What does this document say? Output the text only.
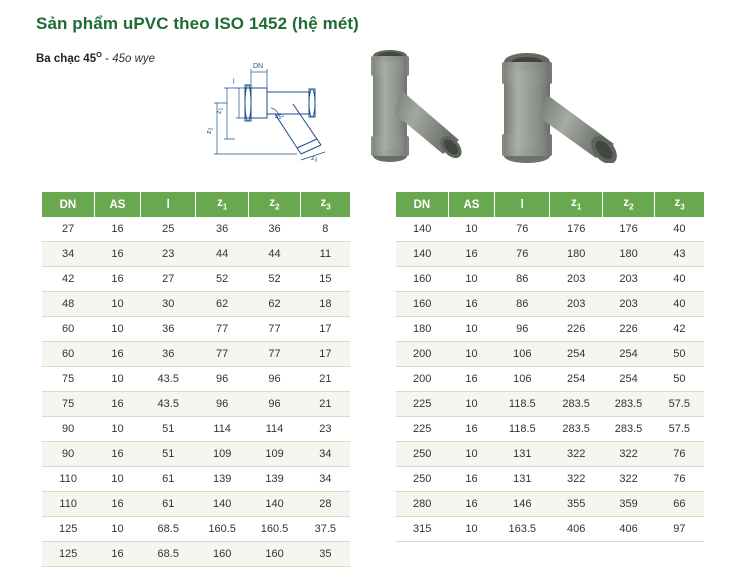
Sản phẩm uPVC theo ISO 1452 (hệ mét)
Ba chạc $45^O - 45o$ wye
DN
l
$z_1$
$z_2$
$z_3$
45$^o$
DN	AS	l	$z_1$	$z_2$	$z_3$
27	16	25	36	36	8
34	16	23	44	44	11
42	16	27	52	52	15
48	10	30	62	62	18
60	10	36	77	77	17
60	16	36	77	77	17
75	10	43.5	96	96	21
75	16	43.5	96	96	21
90	10	51	114	114	23
90	16	51	109	109	34
110	10	61	139	139	34
110	16	61	140	140	28
125	10	68.5	160.5	160.5	37.5
125	16	68.5	160	160	35
DN	AS	l	$z_1$	$z_2$	$z_3$
140	10	76	176	176	40
140	16	76	180	180	43
160	10	86	203	203	40
160	16	86	203	203	40
180	10	96	226	226	42
200	10	106	254	254	50
200	16	106	254	254	50
225	10	118.5	283.5	283.5	57.5
225	16	118.5	283.5	283.5	57.5
250	10	131	322	322	76
250	16	131	322	322	76
280	16	146	355	359	66
315	10	163.5	406	406	97
